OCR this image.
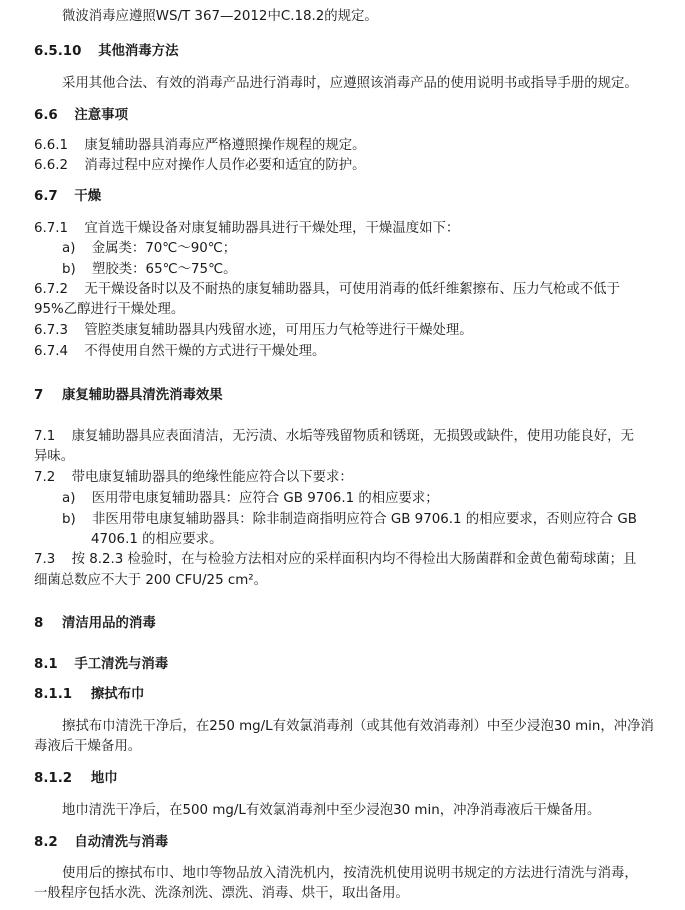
微波消毒应遵照WS/T 367—2012中C.18.2的规定。
6.5.10 其他消毒方法
采用其他合法、有效的消毒产品进行消毒时，应遵照该消毒产品的使用说明书或指导手册的规定。
6.6 注意事项
6.6.1 康复辅助器具消毒应严格遵照操作规程的规定。
6.6.2 消毒过程中应对操作人员作必要和适宜的防护。
6.7 干燥
6.7.1 宜首选干燥设备对康复辅助器具进行干燥处理，干燥温度如下：
a) 金属类：70℃～90℃；
b) 塑胶类：65℃～75℃。
6.7.2 无干燥设备时以及不耐热的康复辅助器具，可使用消毒的低纤维絮擦布、压力气枪或不低于
95%乙醇进行干燥处理。
6.7.3 管腔类康复辅助器具内残留水迹，可用压力气枪等进行干燥处理。
6.7.4 不得使用自然干燥的方式进行干燥处理。
7 康复辅助器具清洗消毒效果
7.1 康复辅助器具应表面清洁，无污渍、水垢等残留物质和锈斑，无损毁或缺件，使用功能良好，无
异味。
7.2 带电康复辅助器具的绝缘性能应符合以下要求：
a) 医用带电康复辅助器具：应符合 GB 9706.1 的相应要求；
b) 非医用带电康复辅助器具：除非制造商指明应符合 GB 9706.1 的相应要求，否则应符合 GB
4706.1 的相应要求。
7.3 按 8.2.3 检验时，在与检验方法相对应的采样面积内均不得检出大肠菌群和金黄色葡萄球菌；且
细菌总数应不大于 200 CFU/25 cm²。
8 清洁用品的消毒
8.1 手工清洗与消毒
8.1.1 擦拭布巾
擦拭布巾清洗干净后，在250 mg/L有效氯消毒剂（或其他有效消毒剂）中至少浸泡30 min，冲净消
毒液后干燥备用。
8.1.2 地巾
地巾清洗干净后，在500 mg/L有效氯消毒剂中至少浸泡30 min，冲净消毒液后干燥备用。
8.2 自动清洗与消毒
使用后的擦拭布巾、地巾等物品放入清洗机内，按清洗机使用说明书规定的方法进行清洗与消毒，
一般程序包括水洗、洗涤剂洗、漂洗、消毒、烘干，取出备用。
